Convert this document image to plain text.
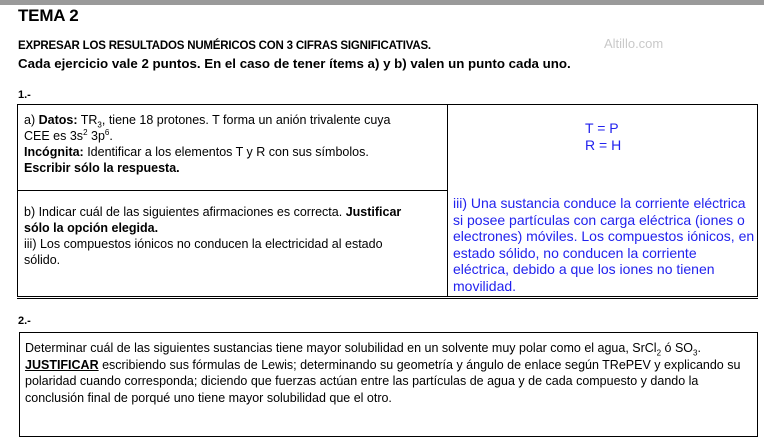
TEMA 2
Altillo.com
EXPRESAR LOS RESULTADOS NUMÉRICOS CON 3 CIFRAS SIGNIFICATIVAS.
Cada ejercicio vale 2 puntos. En el caso de tener ítems a) y b) valen un punto cada uno.
1.-
a) Datos: $TR_3$, tiene 18 protones. T forma un anión trivalente cuya
CEE es $3s^2$ $3p^6$.
Incógnita: Identificar a los elementos T y R con sus símbolos.
Escribir sólo la respuesta.
T = P
R = H
b) Indicar cuál de las siguientes afirmaciones es correcta. Justificar
sólo la opción elegida.
iii) Los compuestos iónicos no conducen la electricidad al estado
sólido.
iii) Una sustancia conduce la corriente eléctrica si posee partículas con carga eléctrica (iones o electrones) móviles. Los compuestos iónicos, en estado sólido, no conducen la corriente eléctrica, debido a que los iones no tienen movilidad.
2.-
Determinar cuál de las siguientes sustancias tiene mayor solubilidad en un solvente muy polar como el agua, SrCl$_2$ ó $SO_3$.
JUSTIFICAR escribiendo sus fórmulas de Lewis; determinando su geometría y ángulo de enlace según TRePEV y explicando su polaridad cuando corresponda; diciendo que fuerzas actúan entre las partículas de agua y de cada compuesto y dando la conclusión final de porqué uno tiene mayor solubilidad que el otro.
